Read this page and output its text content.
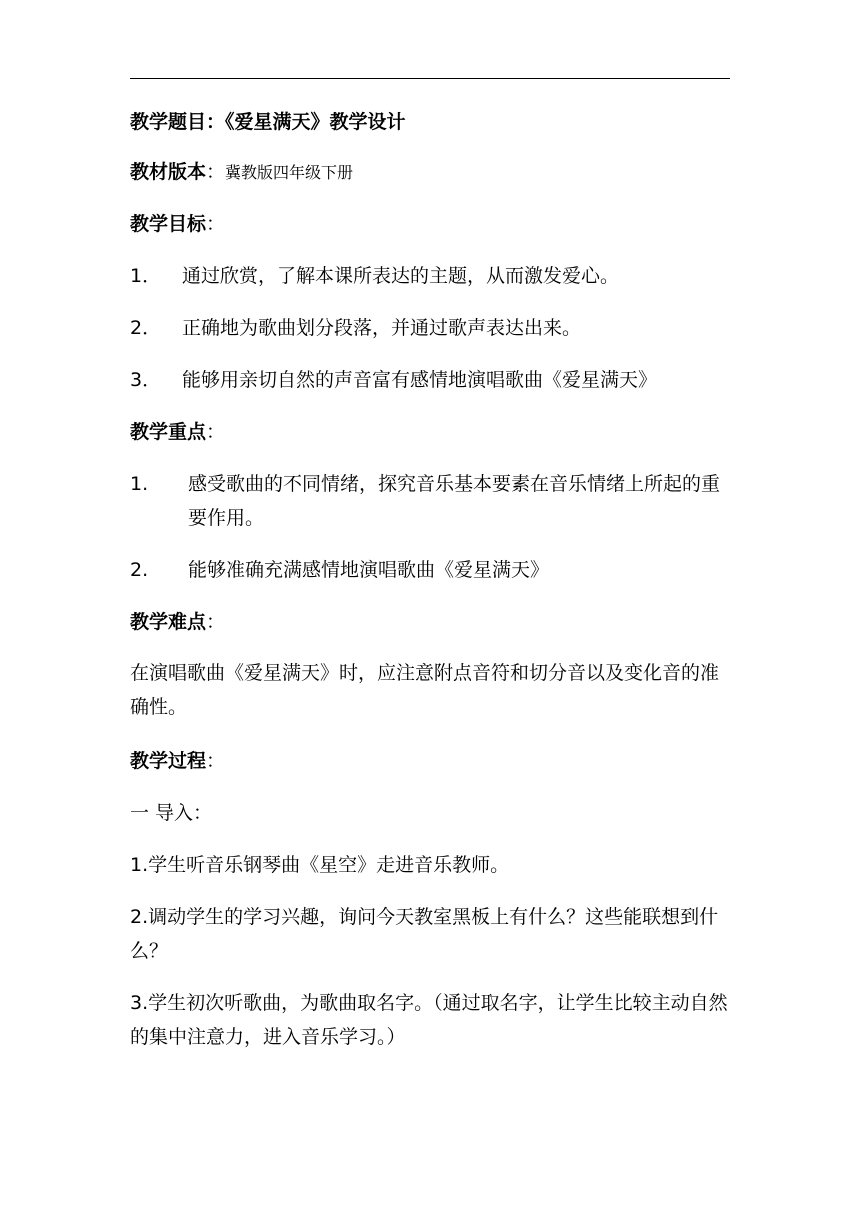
教学题目：《爱星满天》教学设计
教材版本：冀教版四年级下册
教学目标：
1．	通过欣赏，了解本课所表达的主题，从而激发爱心。
2．	正确地为歌曲划分段落，并通过歌声表达出来。
3．	能够用亲切自然的声音富有感情地演唱歌曲《爱星满天》
教学重点：
1.	感受歌曲的不同情绪，探究音乐基本要素在音乐情绪上所起的重要作用。
2.	能够准确充满感情地演唱歌曲《爱星满天》
教学难点：
在演唱歌曲《爱星满天》时，应注意附点音符和切分音以及变化音的准确性。
教学过程：
一 导入：
1.学生听音乐钢琴曲《星空》走进音乐教师。
2.调动学生的学习兴趣，询问今天教室黑板上有什么？这些能联想到什么？
3.学生初次听歌曲，为歌曲取名字。（通过取名字，让学生比较主动自然的集中注意力，进入音乐学习。）
